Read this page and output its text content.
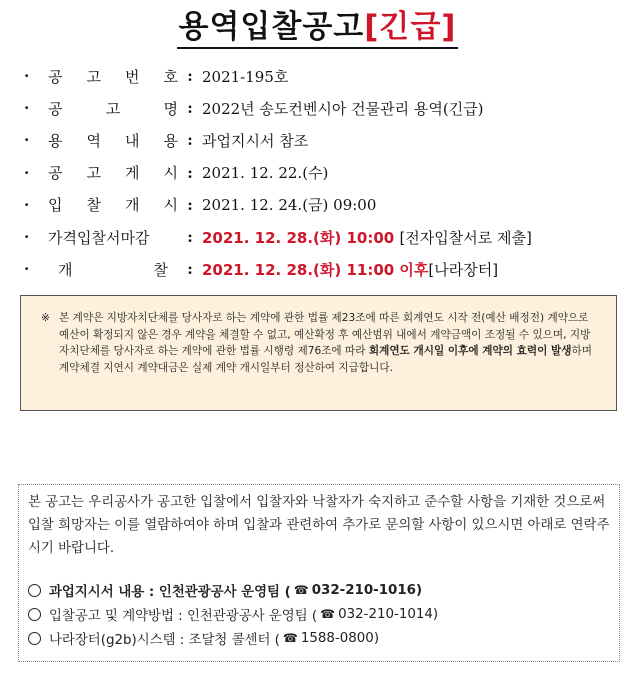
용역입찰공고[긴급]
·	공 고 번 호 : 2021-195호
·	공	고	명 : 2022년 송도컨벤시아 건물관리 용역(긴급)
·	용 역 내 용 : 과업지시서 참조
·	공 고 게 시 : 2021. 12. 22.(수)
·	입 찰 개 시 : 2021. 12. 24.(금) 09:00
·	가격입찰서마감	: 2021. 12. 28.(화) 10:00 [전자입찰서로 제출]
·	개	찰	: 2021. 12. 28.(화) 11:00 이후[나라장터]
※ 본 계약은 지방자치단체를 당사자로 하는 계약에 관한 법률 제23조에 따른 회계연도 시작 전(예산 배정전) 계약으로 예산이 확정되지 않은 경우 계약을 체결할 수 없고, 예산확정 후 예산범위 내에서 계약금액이 조정될 수 있으며, 지방자치단체를 당사자로 하는 계약에 관한 법률 시행령 제76조에 따라 회계연도 개시일 이후에 계약의 효력이 발생하며 계약체결 지연시 계약대금은 실제 계약 개시일부터 정산하여 지급합니다.

본 공고는 우리공사가 공고한 입찰에서 입찰자와 낙찰자가 숙지하고 준수할 사항을 기재한 것으로써 입찰 희망자는 이를 열람하여야 하며 입찰과 관련하여 추가로 문의할 사항이 있으시면 아래로 연락주시기 바랍니다.

과업지시서 내용 : 인천관광공사 운영팀 ( ☎ 032-210-1016)
입찰공고 및 계약방법 : 인천관광공사 운영팀 ( ☎ 032-210-1014)
나라장터(g2b)시스템 : 조달청 콜센터 ( ☎ 1588-0800)
